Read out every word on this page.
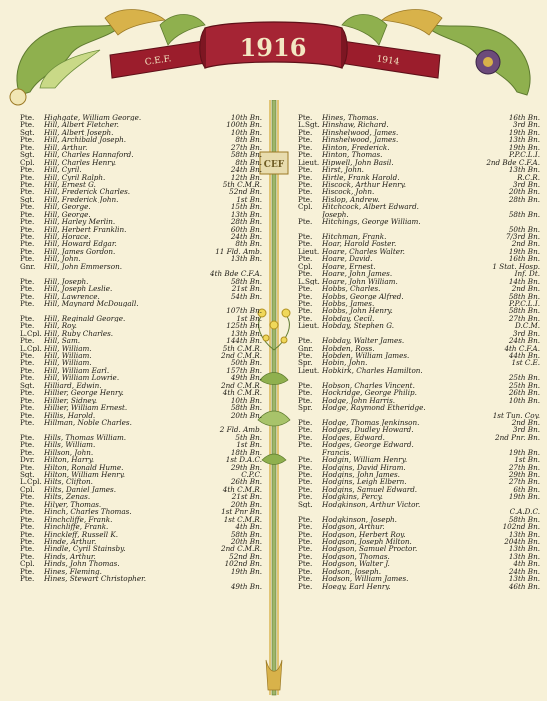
1916
C.E.F.	1914
CEF
Pte.	Highgate, William George.	10th Bn.
Pte.	Hill, Albert Fletcher.	100th Bn.
Sgt.	Hill, Albert Joseph.	10th Bn.
Pte.	Hill, Archibald Joseph.	8th Bn.
Pte.	Hill, Arthur.	27th Bn.
Sgt.	Hill, Charles Hannaford.	58th Bn.
Cpl.	Hill, Charles Henry.	8th Bn.
Pte.	Hill, Cyril.	24th Bn.
Pte.	Hill, Cyril Ralph.	12th Bn.
Pte.	Hill, Ernest G.	5th C.M.R.
Pte.	Hill, Frederick Charles.	52nd Bn.
Sgt.	Hill, Frederick John.	1st Bn.
Pte.	Hill, George.	15th Bn.
Pte.	Hill, George.	13th Bn.
Pte.	Hill, Harley Merlin.	28th Bn.
Pte.	Hill, Herbert Franklin.	60th Bn.
Pte.	Hill, Horace.	24th Bn.
Pte.	Hill, Howard Edgar.	8th Bn.
Pte.	Hill, James Gordon.	11 Fld. Amb.
Pte.	Hill, John.	13th Bn.
Gnr.	Hill, John Emmerson.
4th Bde C.F.A.
Pte.	Hill, Joseph.	58th Bn.
Pte.	Hill, Joseph Leslie.	21st Bn.
Pte.	Hill, Lawrence.	54th Bn.
Pte.	Hill, Maynard McDougall.
107th Bn.
Pte.	Hill, Reginald George.	1st Bn.
Pte.	Hill, Roy.	125th Bn.
L.Cpl. Hill, Ruby Charles.	13th Bn.
Pte.	Hill, Sam.	144th Bn.
L.Cpl. Hill, William.	5th C.M.R.
Pte.	Hill, William.	2nd C.M.R.
Pte.	Hill, William.	50th Bn.
Pte.	Hill, William Earl.	157th Bn.
Pte.	Hill, William Lowrie.	49th Bn.
Sgt.	Hilliard, Edwin.	2nd C.M.R.
Pte.	Hillier, George Henry.	4th C.M.R.
Pte.	Hillier, Sidney.	10th Bn.
Pte.	Hillier, William Ernest.	58th Bn.
Pte.	Hillis, Harold.	20th Bn.
Pte.	Hillman, Noble Charles.
2 Fld. Amb.
Pte.	Hills, Thomas William.	5th Bn.
Pte.	Hills, William.	1st Bn.
Pte.	Hillson, John.	18th Bn.
Dvr.	Hilton, Harry.	1st D.A.C.
Pte.	Hilton, Ronald Hume.	29th Bn.
Sgt.	Hilton, William Henry.	C.P.C.
L.Cpl. Hilts, Clifton.	26th Bn.
Cpl.	Hilts, Daniel James.	4th C.M.R.
Pte.	Hilts, Zenas.	21st Bn.
Pte.	Hilyer, Thomas.	20th Bn.
Pte.	Hinch, Charles Thomas.	1st Pnr Bn.
Pte.	Hinchcliffe, Frank.	1st C.M.R.
Pte.	Hinchliffe, Frank.	4th Bn.
Pte.	Hinckleff, Russell K.	58th Bn.
Pte.	Hinde, Arthur.	20th Bn.
Pte.	Hindle, Cyril Stainsby.	2nd C.M.R.
Pte.	Hinds, Arthur.	52nd Bn.
Cpl.	Hinds, John Thomas.	102nd Bn.
Pte.	Hines, Fleming.	19th Bn.
Pte.	Hines, Stewart Christopher.
49th Bn.
Pte.	Hines, Thomas.	16th Bn.
L.Sgt. Hinshaw, Richard.	3rd Bn.
Pte.	Hinshelwood, James.	19th Bn.
Pte.	Hinshelwood, James.	13th Bn.
Pte.	Hinton, Frederick.	19th Bn.
Pte.	Hinton, Thomas.	P.P.C.L.I.
Lieut. Hipwell, John Basil.	2nd Bde C.F.A.
Pte.	Hirst, John.	13th Bn.
Pte.	Hirtle, Frank Harold.	R.C.R.
Pte.	Hiscock, Arthur Henry.	3rd Bn.
Pte.	Hiscock, John.	20th Bn.
Pte.	Hislop, Andrew.	28th Bn.
Cpl.	Hitchcock, Albert Edward.
Joseph.	58th Bn.
Pte.	Hitchings, George William.
50th Bn.
Pte.	Hitchman, Frank.	7/3rd Bn.
Pte.	Hoar, Harold Foster.	2nd Bn.
Lieut. Hoare, Charles Walter.	19th Bn.
Pte.	Hoare, David.	16th Bn.
Cpl.	Hoare, Ernest.	1 Stat. Hosp.
Pte.	Hoare, John James.	Inf. Dt.
L.Sgt. Hoare, John William.	14th Bn.
Pte.	Hobbs, Charles.	2nd Bn.
Pte.	Hobbs, George Alfred.	58th Bn.
Pte.	Hobbs, James.	P.P.C.L.I.
Pte.	Hobbs, John Henry.	58th Bn.
Pte.	Hobday, Cecil.	27th Bn.
Lieut. Hobday, Stephen G.	D.C.M.
3rd Bn.
Pte.	Hobday, Walter James.	24th Bn.
Gnr.	Hobden, Ross.	4th C.F.A.
Pte.	Hobden, William James.	44th Bn.
Spr.	Hobin, John.	1st C.E.
Lieut. Hobkirk, Charles Hamilton.
25th Bn.
Pte.	Hobson, Charles Vincent.	25th Bn.
Pte.	Hockridge, George Philip.	26th Bn.
Pte.	Hodge, John Harris.	10th Bn.
Spr.	Hodge, Raymond Etheridge.
1st Tun. Coy.
Pte.	Hodge, Thomas Jenkinson.	2nd Bn.
Pte.	Hodges, Dudley Howard.	3rd Bn.
Pte.	Hodges, Edward.	2nd Pnr. Bn.
Pte.	Hodges, George Edward.
Francis.	19th Bn.
Pte.	Hodgin, William Henry.	1st Bn.
Pte.	Hodgins, David Hiram.	27th Bn.
Pte.	Hodgins, John James.	29th Bn.
Pte.	Hodgins, Leigh Elbern.	27th Bn.
Pte.	Hodgins, Samuel Edward.	6th Bn.
Pte.	Hodgkins, Percy.	19th Bn.
Sgt.	Hodgkinson, Arthur Victor.
C.A.D.C.
Pte.	Hodgkinson, Joseph.	58th Bn.
Pte.	Hodgson, Arthur.	102nd Bn.
Pte.	Hodgson, Herbert Roy.	13th Bn.
Pte.	Hodgson, Joseph Milton.	204th Bn.
Pte.	Hodgson, Samuel Proctor.	13th Bn.
Pte.	Hodgson, Thomas.	13th Bn.
Pte.	Hodgson, Walter J.	4th Bn.
Pte.	Hodson, Joseph.	24th Bn.
Pte.	Hodson, William James.	13th Bn.
Pte.	Hoegy, Earl Henry.	46th Bn.
